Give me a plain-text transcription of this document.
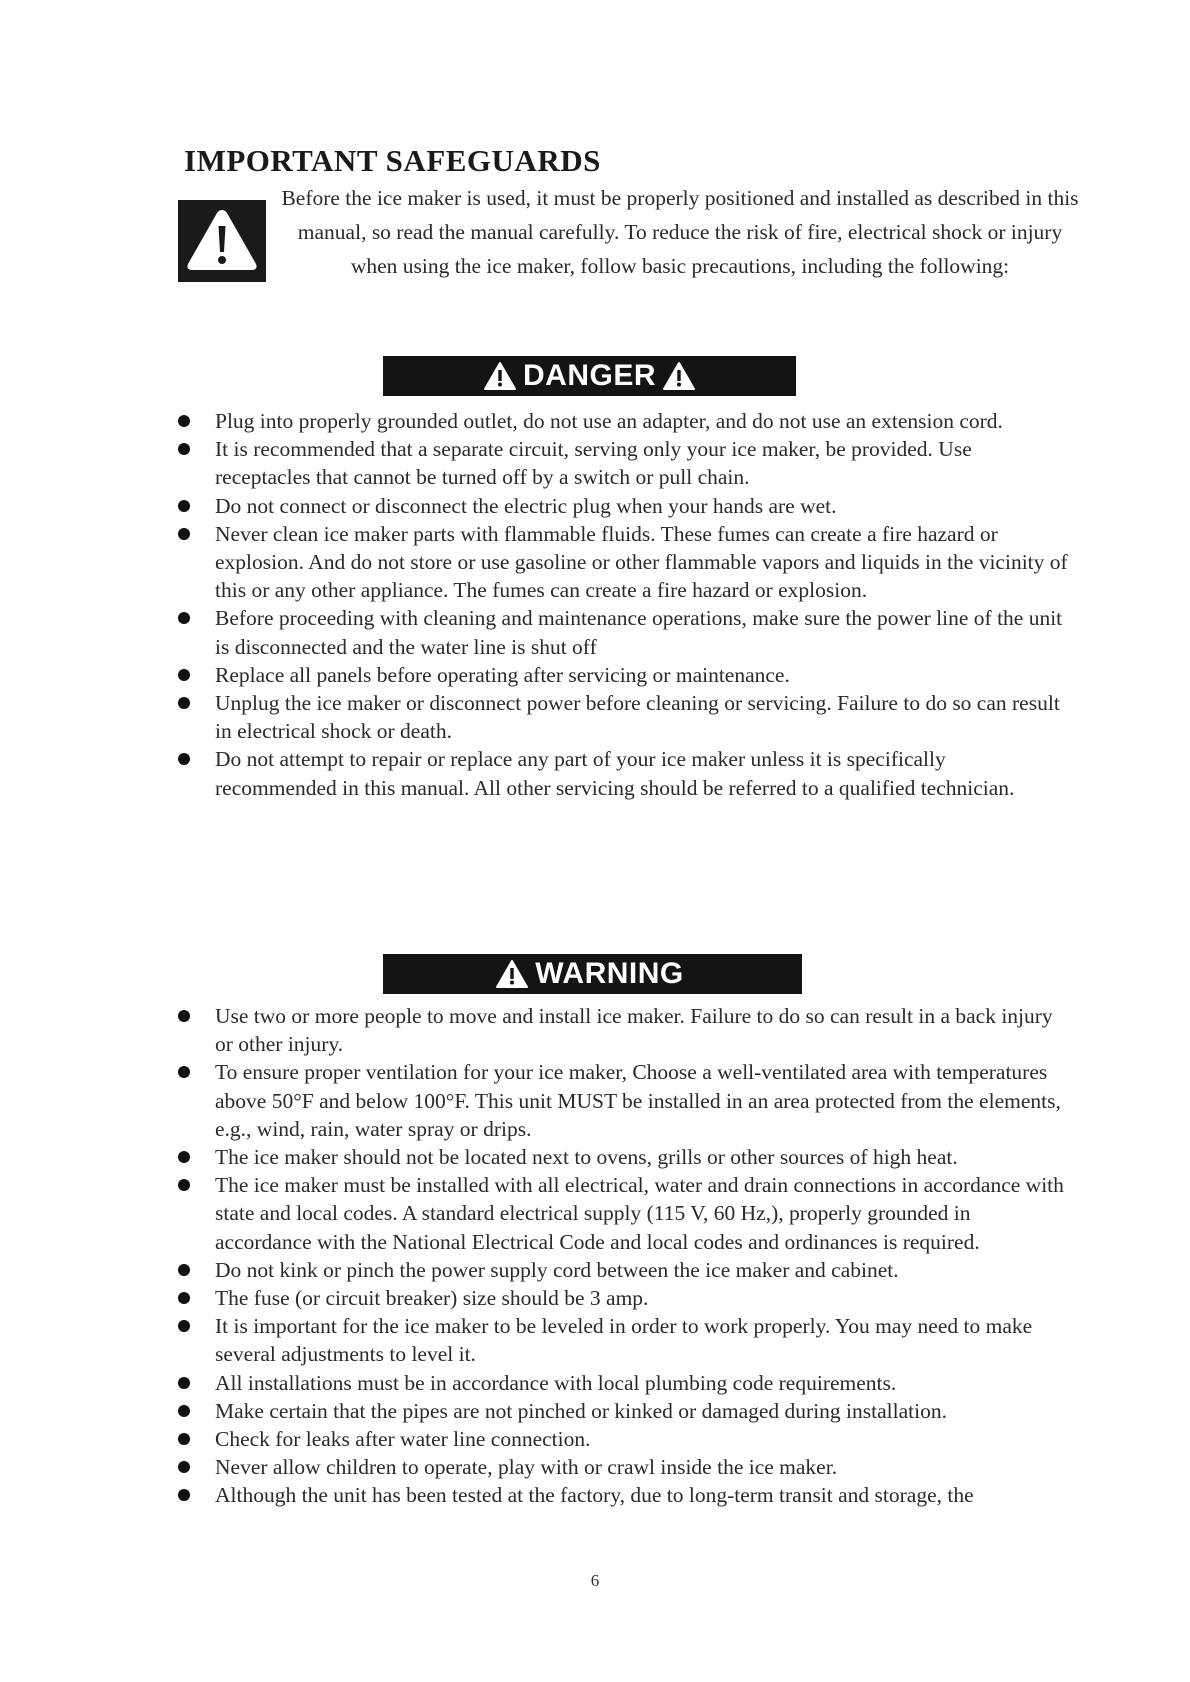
IMPORTANT SAFEGUARDS
Before the ice maker is used, it must be properly positioned and installed as described in this manual, so read the manual carefully. To reduce the risk of fire, electrical shock or injury when using the ice maker, follow basic precautions, including the following:
DANGER
Plug into properly grounded outlet, do not use an adapter, and do not use an extension cord.
It is recommended that a separate circuit, serving only your ice maker, be provided. Use receptacles that cannot be turned off by a switch or pull chain.
Do not connect or disconnect the electric plug when your hands are wet.
Never clean ice maker parts with flammable fluids. These fumes can create a fire hazard or explosion. And do not store or use gasoline or other flammable vapors and liquids in the vicinity of this or any other appliance. The fumes can create a fire hazard or explosion.
Before proceeding with cleaning and maintenance operations, make sure the power line of the unit is disconnected and the water line is shut off
Replace all panels before operating after servicing or maintenance.
Unplug the ice maker or disconnect power before cleaning or servicing. Failure to do so can result in electrical shock or death.
Do not attempt to repair or replace any part of your ice maker unless it is specifically recommended in this manual. All other servicing should be referred to a qualified technician.
WARNING
Use two or more people to move and install ice maker. Failure to do so can result in a back injury or other injury.
To ensure proper ventilation for your ice maker, Choose a well-ventilated area with temperatures above 50°F and below 100°F. This unit MUST be installed in an area protected from the elements, e.g., wind, rain, water spray or drips.
The ice maker should not be located next to ovens, grills or other sources of high heat.
The ice maker must be installed with all electrical, water and drain connections in accordance with state and local codes. A standard electrical supply (115 V, 60 Hz,), properly grounded in accordance with the National Electrical Code and local codes and ordinances is required.
Do not kink or pinch the power supply cord between the ice maker and cabinet.
The fuse (or circuit breaker) size should be 3 amp.
It is important for the ice maker to be leveled in order to work properly. You may need to make several adjustments to level it.
All installations must be in accordance with local plumbing code requirements.
Make certain that the pipes are not pinched or kinked or damaged during installation.
Check for leaks after water line connection.
Never allow children to operate, play with or crawl inside the ice maker.
Although the unit has been tested at the factory, due to long-term transit and storage, the
6
